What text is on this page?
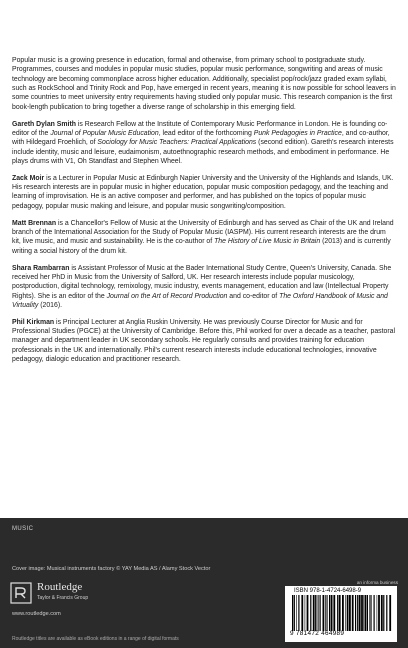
Popular music is a growing presence in education, formal and otherwise, from primary school to postgraduate study. Programmes, courses and modules in popular music studies, popular music performance, songwriting and areas of music technology are becoming commonplace across higher education. Additionally, specialist pop/rock/jazz graded exam syllabi, such as RockSchool and Trinity Rock and Pop, have emerged in recent years, meaning it is now possible for school leavers in some countries to meet university entry requirements having studied only popular music. This research companion is the first book-length publication to bring together a diverse range of scholarship in this emerging field.

Gareth Dylan Smith is Research Fellow at the Institute of Contemporary Music Performance in London. He is founding co-editor of the Journal of Popular Music Education, lead editor of the forthcoming Punk Pedagogies in Practice, and co-author, with Hildegard Froehlich, of Sociology for Music Teachers: Practical Applications (second edition). Gareth's research interests include identity, music and leisure, eudaimonism, autoethnographic research methods, and embodiment in performance. He plays drums with V1, Oh Standfast and Stephen Wheel.

Zack Moir is a Lecturer in Popular Music at Edinburgh Napier University and the University of the Highlands and Islands, UK. His research interests are in popular music in higher education, popular music composition pedagogy, and the teaching and learning of improvisation. He is an active composer and performer, and has published on the topics of popular music pedagogy, popular music making and leisure, and popular music songwriting/composition.

Matt Brennan is a Chancellor's Fellow of Music at the University of Edinburgh and has served as Chair of the UK and Ireland branch of the International Association for the Study of Popular Music (IASPM). His current research interests are the drum kit, live music, and music and sustainability. He is the co-author of The History of Live Music in Britain (2013) and is currently writing a social history of the drum kit.

Shara Rambarran is Assistant Professor of Music at the Bader International Study Centre, Queen's University, Canada. She received her PhD in Music from the University of Salford, UK. Her research interests include popular musicology, postproduction, digital technology, remixology, music industry, events management, education and law (Intellectual Property Rights). She is an editor of the Journal on the Art of Record Production and co-editor of The Oxford Handbook of Music and Virtuality (2016).

Phil Kirkman is Principal Lecturer at Anglia Ruskin University. He was previously Course Director for Music and for Professional Studies (PGCE) at the University of Cambridge. Before this, Phil worked for over a decade as a teacher, pastoral manager and department leader in UK secondary schools. He regularly consults and provides training for education professionals in the UK and internationally. Phil's current research interests include educational technologies, innovative pedagogy, dialogic education and practitioner research.

MUSIC
Cover image: Musical instruments factory © YAY Media AS / Alamy Stock Vector
Routledge
Taylor & Francis Group
www.routledge.com
Routledge titles are available as eBook editions in a range of digital formats
an informa business
ISBN 978-1-4724-6498-9
9 781472 464989
